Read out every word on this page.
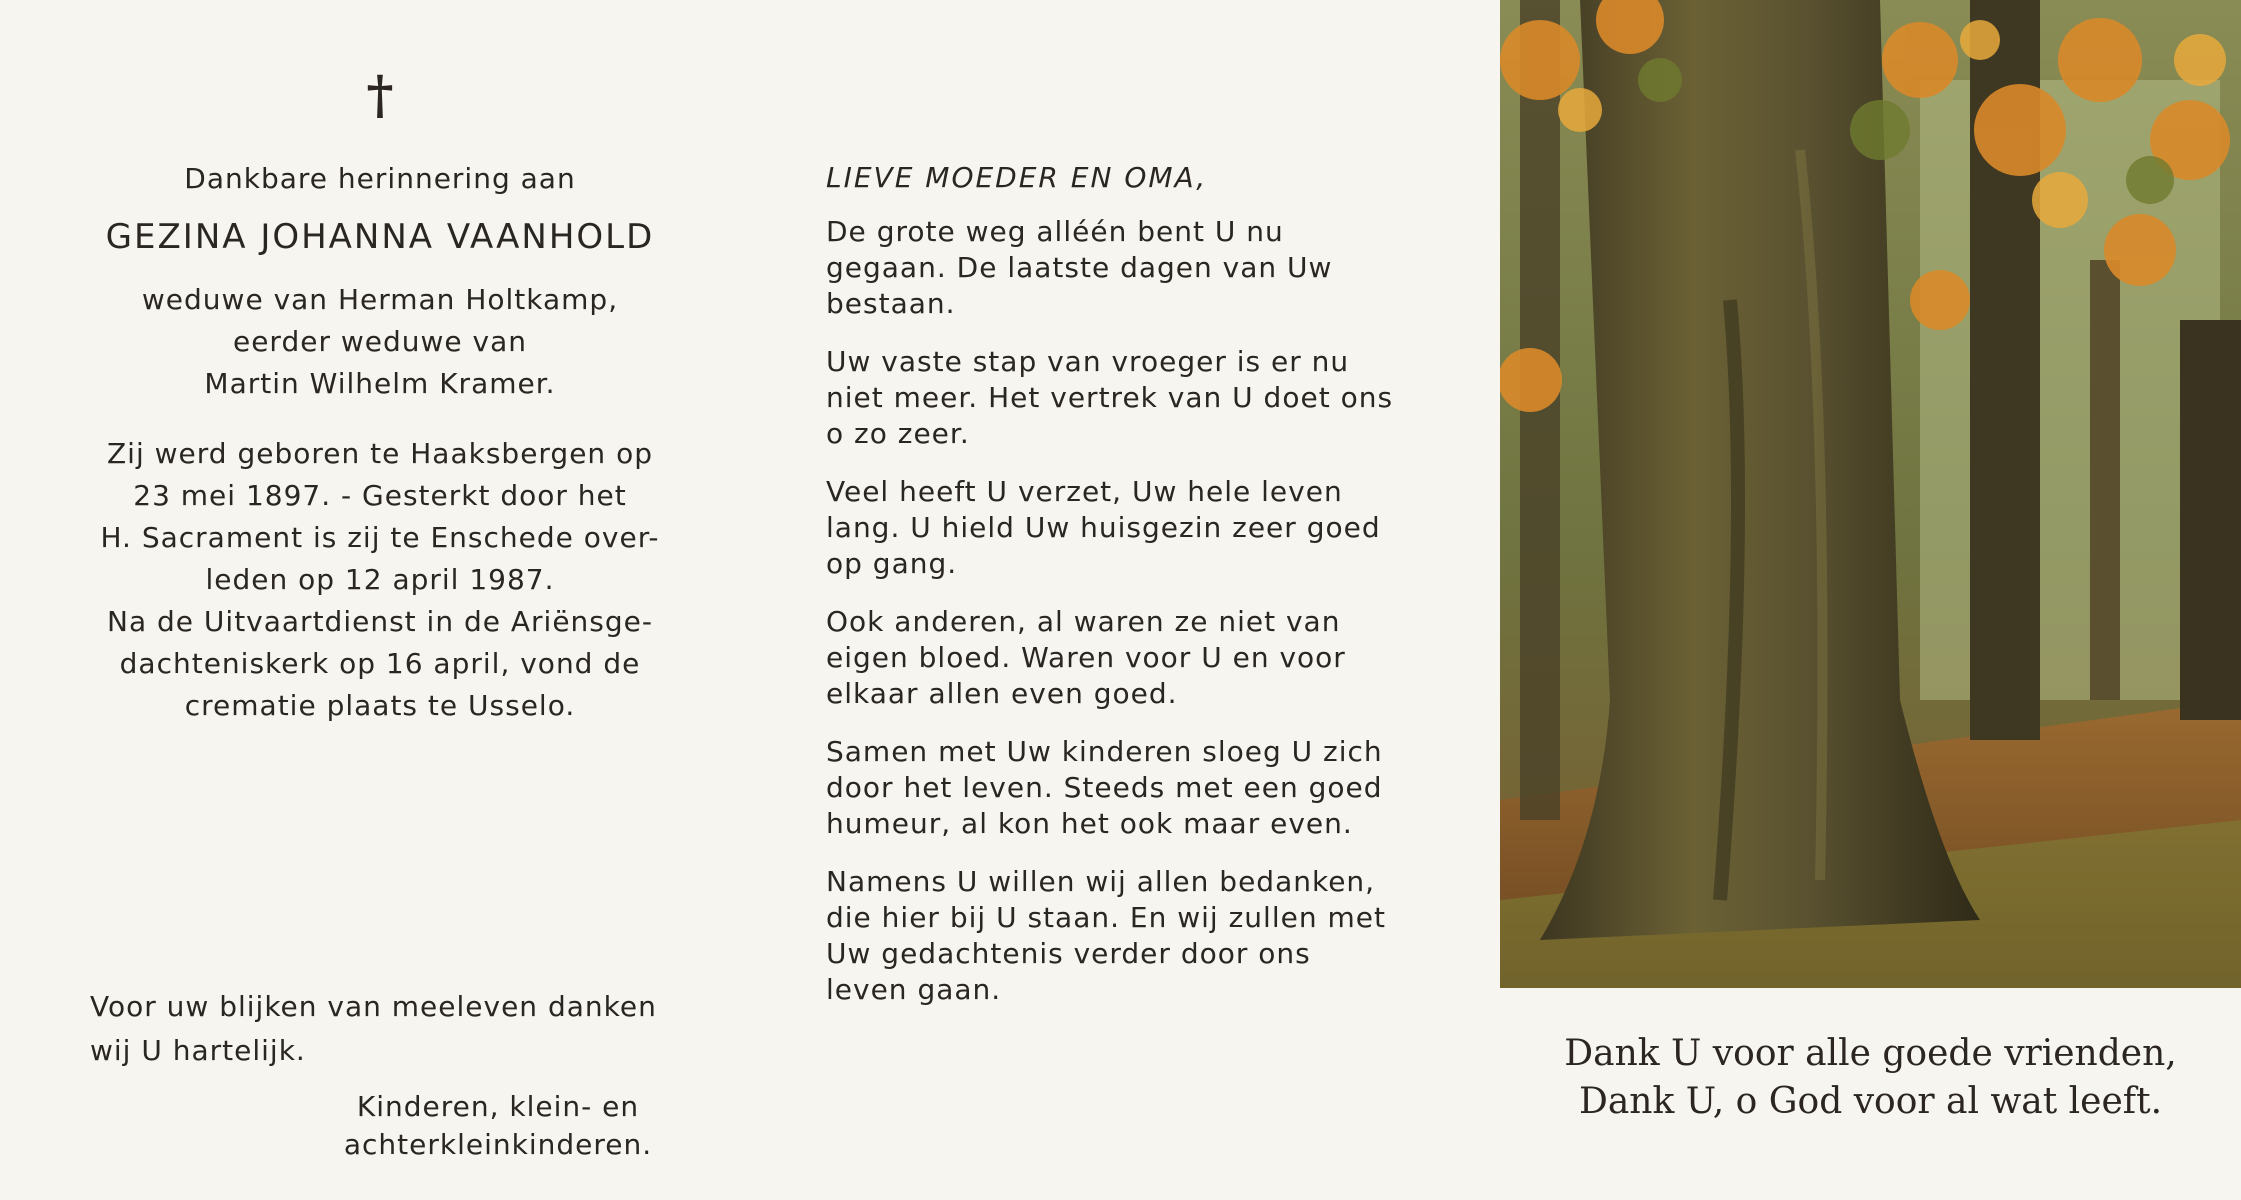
†
Dankbare herinnering aan
GEZINA JOHANNA VAANHOLD
weduwe van Herman Holtkamp,
eerder weduwe van
Martin Wilhelm Kramer.

Zij werd geboren te Haaksbergen op

23 mei 1897. - Gesterkt door het

H. Sacrament is zij te Enschede over-

leden op 12 april 1987.

Na de Uitvaartdienst in de Ariënsge-

dachteniskerk op 16 april, vond de

crematie plaats te Usselo.

Voor uw blijken van meeleven danken
wij U hartelijk.
Kinderen, klein- en
achterkleinkinderen.
LIEVE MOEDER EN OMA,
De grote weg alléén bent U nu
gegaan. De laatste dagen van Uw
bestaan.
Uw vaste stap van vroeger is er nu
niet meer. Het vertrek van U doet ons
o zo zeer.
Veel heeft U verzet, Uw hele leven
lang. U hield Uw huisgezin zeer goed
op gang.
Ook anderen, al waren ze niet van
eigen bloed. Waren voor U en voor
elkaar allen even goed.
Samen met Uw kinderen sloeg U zich
door het leven. Steeds met een goed
humeur, al kon het ook maar even.
Namens U willen wij allen bedanken,
die hier bij U staan. En wij zullen met
Uw gedachtenis verder door ons
leven gaan.
Dank U voor alle goede vrienden,
Dank U, o God voor al wat leeft.
